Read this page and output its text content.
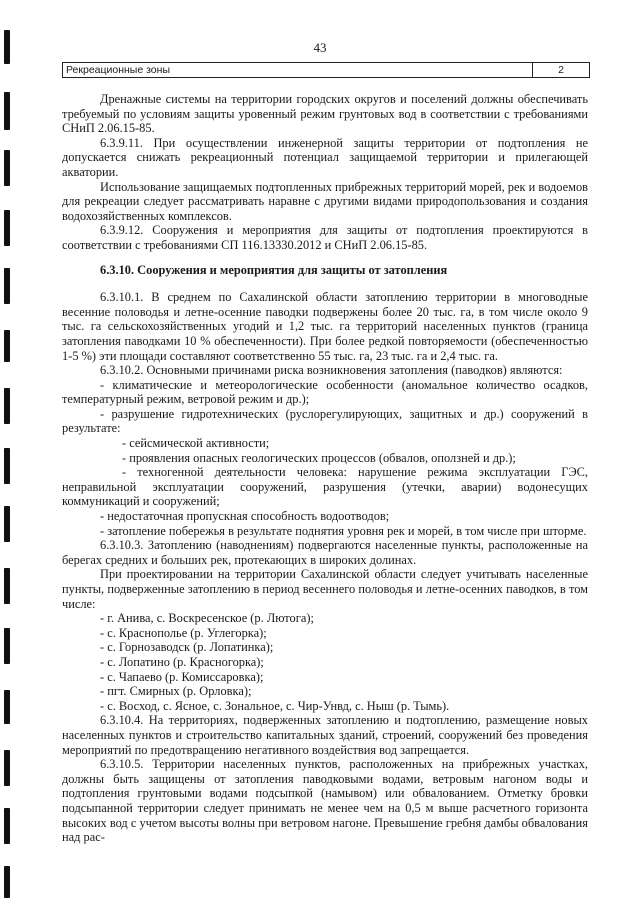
43
Рекреационные зоны	2

Дренажные системы на территории городских округов и поселений должны обеспечивать требуемый по условиям защиты уровенный режим грунтовых вод в соответствии с требованиями СНиП 2.06.15-85.

6.3.9.11. При осуществлении инженерной защиты территории от подтопления не допускается снижать рекреационный потенциал защищаемой территории и прилегающей акватории.

Использование защищаемых подтопленных прибрежных территорий морей, рек и водоемов для рекреации следует рассматривать наравне с другими видами природопользования и создания водохозяйственных комплексов.

6.3.9.12. Сооружения и мероприятия для защиты от подтопления проектируются в соответствии с требованиями СП 116.13330.2012 и СНиП 2.06.15-85.

6.3.10. Сооружения и мероприятия для защиты от затопления

6.3.10.1. В среднем по Сахалинской области затоплению территории в многоводные весенние половодья и летне-осенние паводки подвержены более 20 тыс. га, в том числе около 9 тыс. га сельскохозяйственных угодий и 1,2 тыс. га территорий населенных пунктов (граница затопления паводками 10 % обеспеченности). При более редкой повторяемости (обеспеченностью 1-5 %) эти площади составляют соответственно 55 тыс. га, 23 тыс. га и 2,4 тыс. га.

6.3.10.2. Основными причинами риска возникновения затопления (паводков) являются:

- климатические и метеорологические особенности (аномальное количество осадков, температурный режим, ветровой режим и др.);

- разрушение гидротехнических (руслорегулирующих, защитных и др.) сооружений в результате:

- сейсмической активности;

- проявления опасных геологических процессов (обвалов, оползней и др.);

- техногенной деятельности человека: нарушение режима эксплуатации ГЭС, неправильной эксплуатации сооружений, разрушения (утечки, аварии) водонесущих коммуникаций и сооружений;

- недостаточная пропускная способность водоотводов;

- затопление побережья в результате поднятия уровня рек и морей, в том числе при шторме.

6.3.10.3. Затоплению (наводнениям) подвергаются населенные пункты, расположенные на берегах средних и больших рек, протекающих в широких долинах.

При проектировании на территории Сахалинской области следует учитывать населенные пункты, подверженные затоплению в период весеннего половодья и летне-осенних паводков, в том числе:

- г. Анива, с. Воскресенское (р. Лютога);

- с. Краснополье (р. Углегорка);

- с. Горнозаводск (р. Лопатинка);

- с. Лопатино (р. Красногорка);

- с. Чапаево (р. Комиссаровка);

- пгт. Смирных (р. Орловка);

- с. Восход, с. Ясное, с. Зональное, с. Чир-Унвд, с. Ныш (р. Тымь).

6.3.10.4. На территориях, подверженных затоплению и подтоплению, размещение новых населенных пунктов и строительство капитальных зданий, строений, сооружений без проведения мероприятий по предотвращению негативного воздействия вод запрещается.

6.3.10.5. Территории населенных пунктов, расположенных на прибрежных участках, должны быть защищены от затопления паводковыми водами, ветровым нагоном воды и подтопления грунтовыми водами подсыпкой (намывом) или обвалованием. Отметку бровки подсыпанной территории следует принимать не менее чем на 0,5 м выше расчетного горизонта высоких вод с учетом высоты волны при ветровом нагоне. Превышение гребня дамбы обвалования над рас-
